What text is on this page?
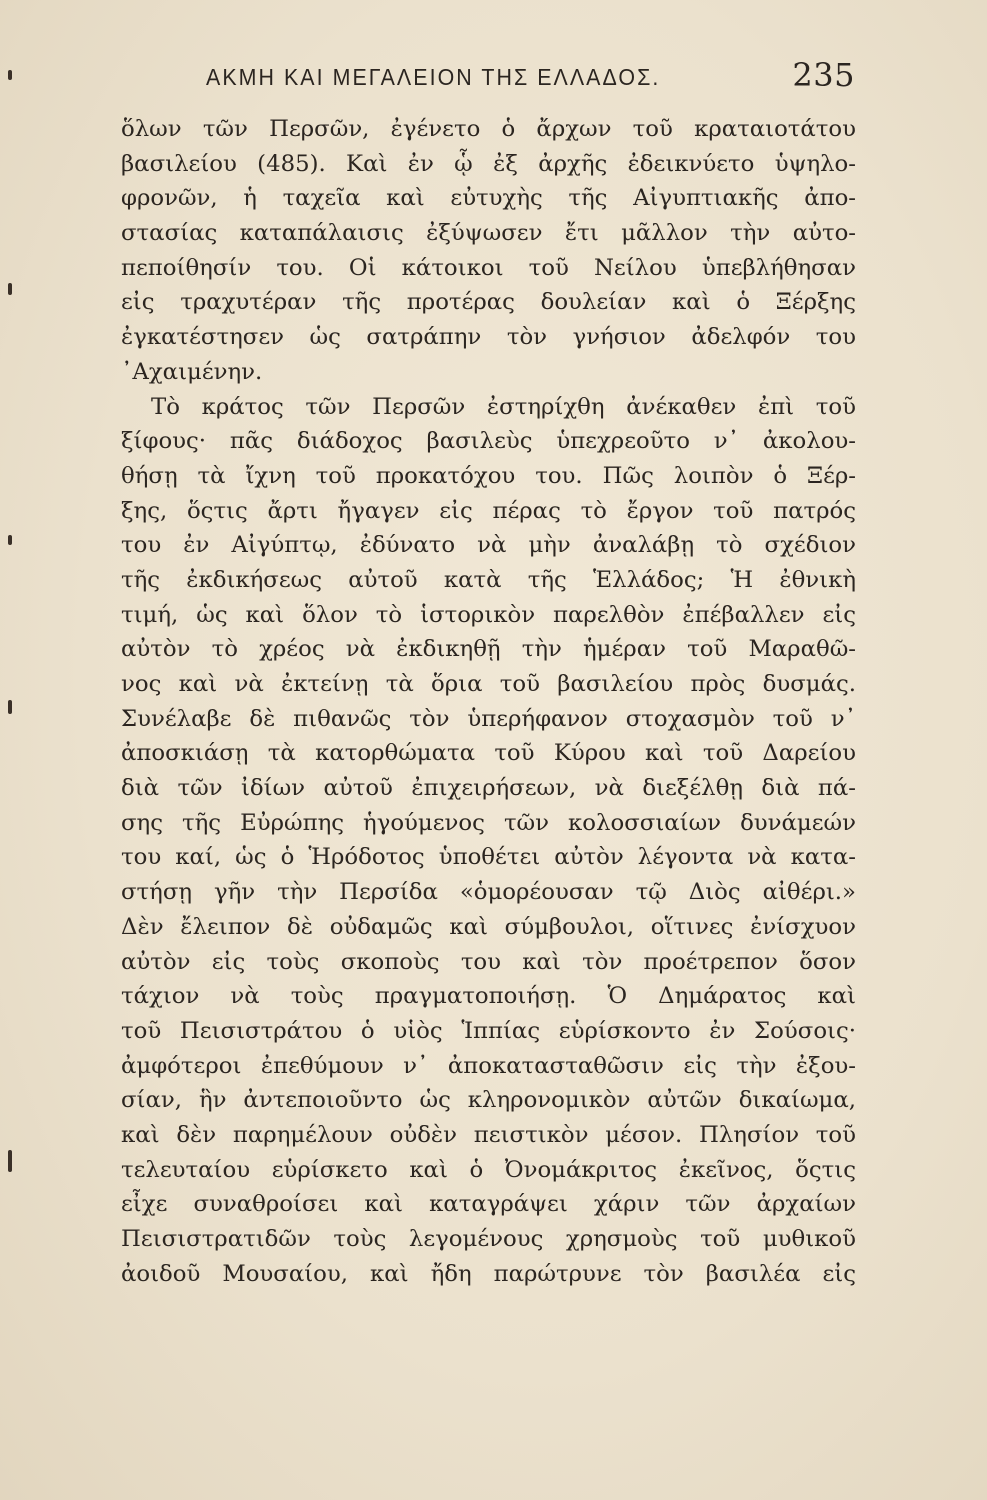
ΑΚΜΗ ΚΑΙ ΜΕΓΑΛΕΙΟΝ ΤΗΣ ΕΛΛΑΔΟΣ.	235
ὅλων τῶν Περσῶν, ἐγένετο ὁ ἄρχων τοῦ κραταιοτάτου
βασιλείου (485). Καὶ ἐν ᾧ ἐξ ἀρχῆς ἐδεικνύετο ὑψηλο-
φρονῶν, ἡ ταχεῖα καὶ εὐτυχὴς τῆς Αἰγυπτιακῆς ἀπο-
στασίας καταπάλαισις ἐξύψωσεν ἔτι μᾶλλον τὴν αὐτο-
πεποίθησίν του. Οἱ κάτοικοι τοῦ Νείλου ὑπεβλήθησαν
εἰς τραχυτέραν τῆς προτέρας δουλείαν καὶ ὁ Ξέρξης
ἐγκατέστησεν ὡς σατράπην τὸν γνήσιον ἀδελφόν του
᾿Αχαιμένην.
Τὸ κράτος τῶν Περσῶν ἐστηρίχθη ἀνέκαθεν ἐπὶ τοῦ
ξίφους· πᾶς διάδοχος βασιλεὺς ὑπεχρεοῦτο ν᾿ ἀκολου-
θήσῃ τὰ ἴχνη τοῦ προκατόχου του. Πῶς λοιπὸν ὁ Ξέρ-
ξης, ὅςτις ἄρτι ἤγαγεν εἰς πέρας τὸ ἔργον τοῦ πατρός
του ἐν Αἰγύπτῳ, ἐδύνατο νὰ μὴν ἀναλάβῃ τὸ σχέδιον
τῆς ἐκδικήσεως αὐτοῦ κατὰ τῆς Ἑλλάδος; Ἡ ἐθνικὴ
τιμή, ὡς καὶ ὅλον τὸ ἱστορικὸν παρελθὸν ἐπέβαλλεν εἰς
αὐτὸν τὸ χρέος νὰ ἐκδικηθῇ τὴν ἡμέραν τοῦ Μαραθῶ-
νος καὶ νὰ ἐκτείνῃ τὰ ὅρια τοῦ βασιλείου πρὸς δυσμάς.
Συνέλαβε δὲ πιθανῶς τὸν ὑπερήφανον στοχασμὸν τοῦ ν᾿
ἀποσκιάσῃ τὰ κατορθώματα τοῦ Κύρου καὶ τοῦ Δαρείου
διὰ τῶν ἰδίων αὐτοῦ ἐπιχειρήσεων, νὰ διεξέλθῃ διὰ πά-
σης τῆς Εὐρώπης ἡγούμενος τῶν κολοσσιαίων δυνάμεών
του καί, ὡς ὁ Ἡρόδοτος ὑποθέτει αὐτὸν λέγοντα νὰ κατα-
στήσῃ γῆν τὴν Περσίδα «ὁμορέουσαν τῷ Διὸς αἰθέρι.»
Δὲν ἔλειπον δὲ οὐδαμῶς καὶ σύμβουλοι, οἵτινες ἐνίσχυον
αὐτὸν εἰς τοὺς σκοποὺς του καὶ τὸν προέτρεπον ὅσον
τάχιον νὰ τοὺς πραγματοποιήσῃ. Ὁ Δημάρατος καὶ
τοῦ Πεισιστράτου ὁ υἱὸς Ἱππίας εὑρίσκοντο ἐν Σούσοις·
ἀμφότεροι ἐπεθύμουν ν᾿ ἀποκατασταθῶσιν εἰς τὴν ἐξου-
σίαν, ἣν ἀντεποιοῦντο ὡς κληρονομικὸν αὐτῶν δικαίωμα,
καὶ δὲν παρημέλουν οὐδὲν πειστικὸν μέσον. Πλησίον τοῦ
τελευταίου εὑρίσκετο καὶ ὁ Ὀνομάκριτος ἐκεῖνος, ὅςτις
εἶχε συναθροίσει καὶ καταγράψει χάριν τῶν ἀρχαίων
Πεισιστρατιδῶν τοὺς λεγομένους χρησμοὺς τοῦ μυθικοῦ
ἀοιδοῦ Μουσαίου, καὶ ἤδη παρώτρυνε τὸν βασιλέα εἰς
